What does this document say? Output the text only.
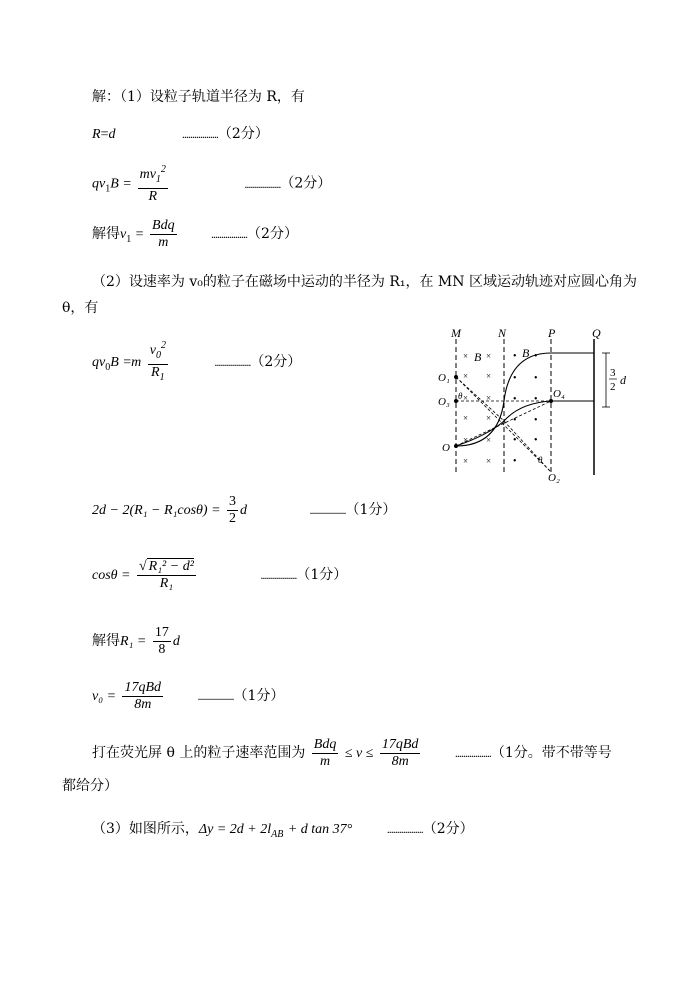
解：（1）设粒子轨道半径为 R，有
R=d	..................（2分）
$qv_1B = \frac{mv_1^2}{R}$	..................（2分）
解得$v_1 = \frac{\text{Bdq}}{m}$	..................（2分）
（2）设速率为 v₀的粒子在磁场中运动的半径为 R₁，在 MN 区域运动轨迹对应圆心角为
θ，有
$qv_0B =m \frac{v_0^2}{R_1}$	..................（2分）
M	N	P	Q
× ×
× ×
× ×
× ×
× ×
× ×
B	• •
• •
• •
• •
• •
•
B
O₁
O₃
O
O₄
O₂
θ
θ
3
2 d
$2d - 2(R_1 - R_1\cos\theta) = \frac{3}{2}$ d	..................（1分）
$\cos\theta = \frac{\text{√ R₁² − d²}}{\text{R₁}}$	..................（1分）
解得$R_1 = \frac{17}{8}$ d
$v_0 = \frac{\text{17qBd}}{8m}$	..................（1分）
打在荧光屏 θ 上的粒子速率范围为 $\frac{\text{Bdq}}{m} \le v \le \frac{\text{17qBd}}{8m}$	..................（1分。带不带等号
都给分）
（3）如图所示，$\Delta y = 2d + 2l_{AB} + d$ tan 37°	..................（2分）
